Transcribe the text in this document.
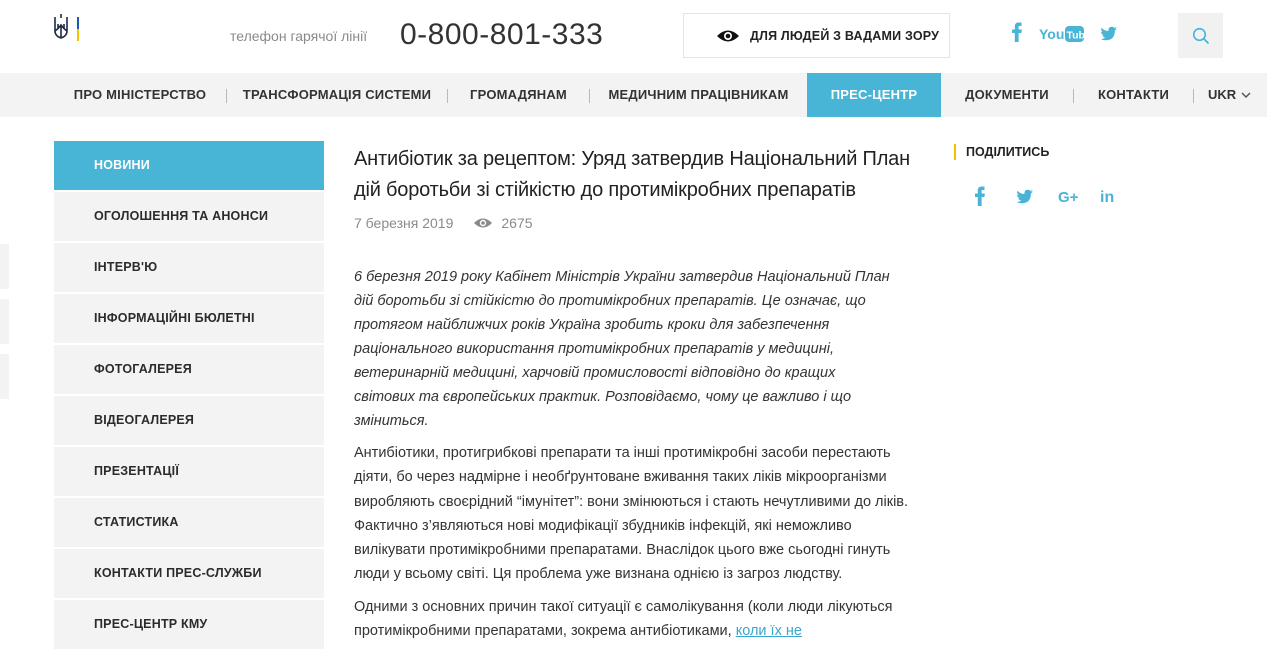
телефон гарячої лінії 0-800-801-333	ДЛЯ ЛЮДЕЙ З ВАДАМИ ЗОРУ	You Tube
ПРО МІНІСТЕРСТВО	ТРАНСФОРМАЦІЯ СИСТЕМИ	ГРОМАДЯНАМ	МЕДИЧНИМ ПРАЦІВНИКАМ	ПРЕС-ЦЕНТР	ДОКУМЕНТИ	КОНТАКТИ	UKR
НОВИНИ
ОГОЛОШЕННЯ ТА АНОНСИ
ІНТЕРВ'Ю
ІНФОРМАЦІЙНІ БЮЛЕТНІ
ФОТОГАЛЕРЕЯ
ВІДЕОГАЛЕРЕЯ
ПРЕЗЕНТАЦІЇ
СТАТИСТИКА
КОНТАКТИ ПРЕС-СЛУЖБИ
ПРЕС-ЦЕНТР КМУ
Антибіотик за рецептом: Уряд затвердив Національний План дій боротьби зі стійкістю до протимікробних препаратів
7 березня 2019	2675

6 березня 2019 року Кабінет Міністрів України затвердив Національний План дій боротьби зі стійкістю до протимікробних препаратів. Це означає, що протягом найближчих років Україна зробить кроки для забезпечення раціонального використання протимікробних препаратів у медицині, ветеринарній медицині, харчовій промисловості відповідно до кращих світових та європейських практик. Розповідаємо, чому це важливо і що зміниться.

Антибіотики, протигрибкові препарати та інші протимікробні засоби перестають діяти, бо через надмірне і необґрунтоване вживання таких ліків мікроорганізми виробляють своєрідний “імунітет”: вони змінюються і стають нечутливими до ліків. Фактично з’являються нові модифікації збудників інфекцій, які неможливо вилікувати протимікробними препаратами. Внаслідок цього вже сьогодні гинуть люди у всьому світі. Ця проблема уже визнана однією із загроз людству.

Одними з основних причин такої ситуації є самолікування (коли люди лікуються протимікробними препаратами, зокрема антибіотиками, коли їх не

ПОДІЛИТИСЬ
G+ in
